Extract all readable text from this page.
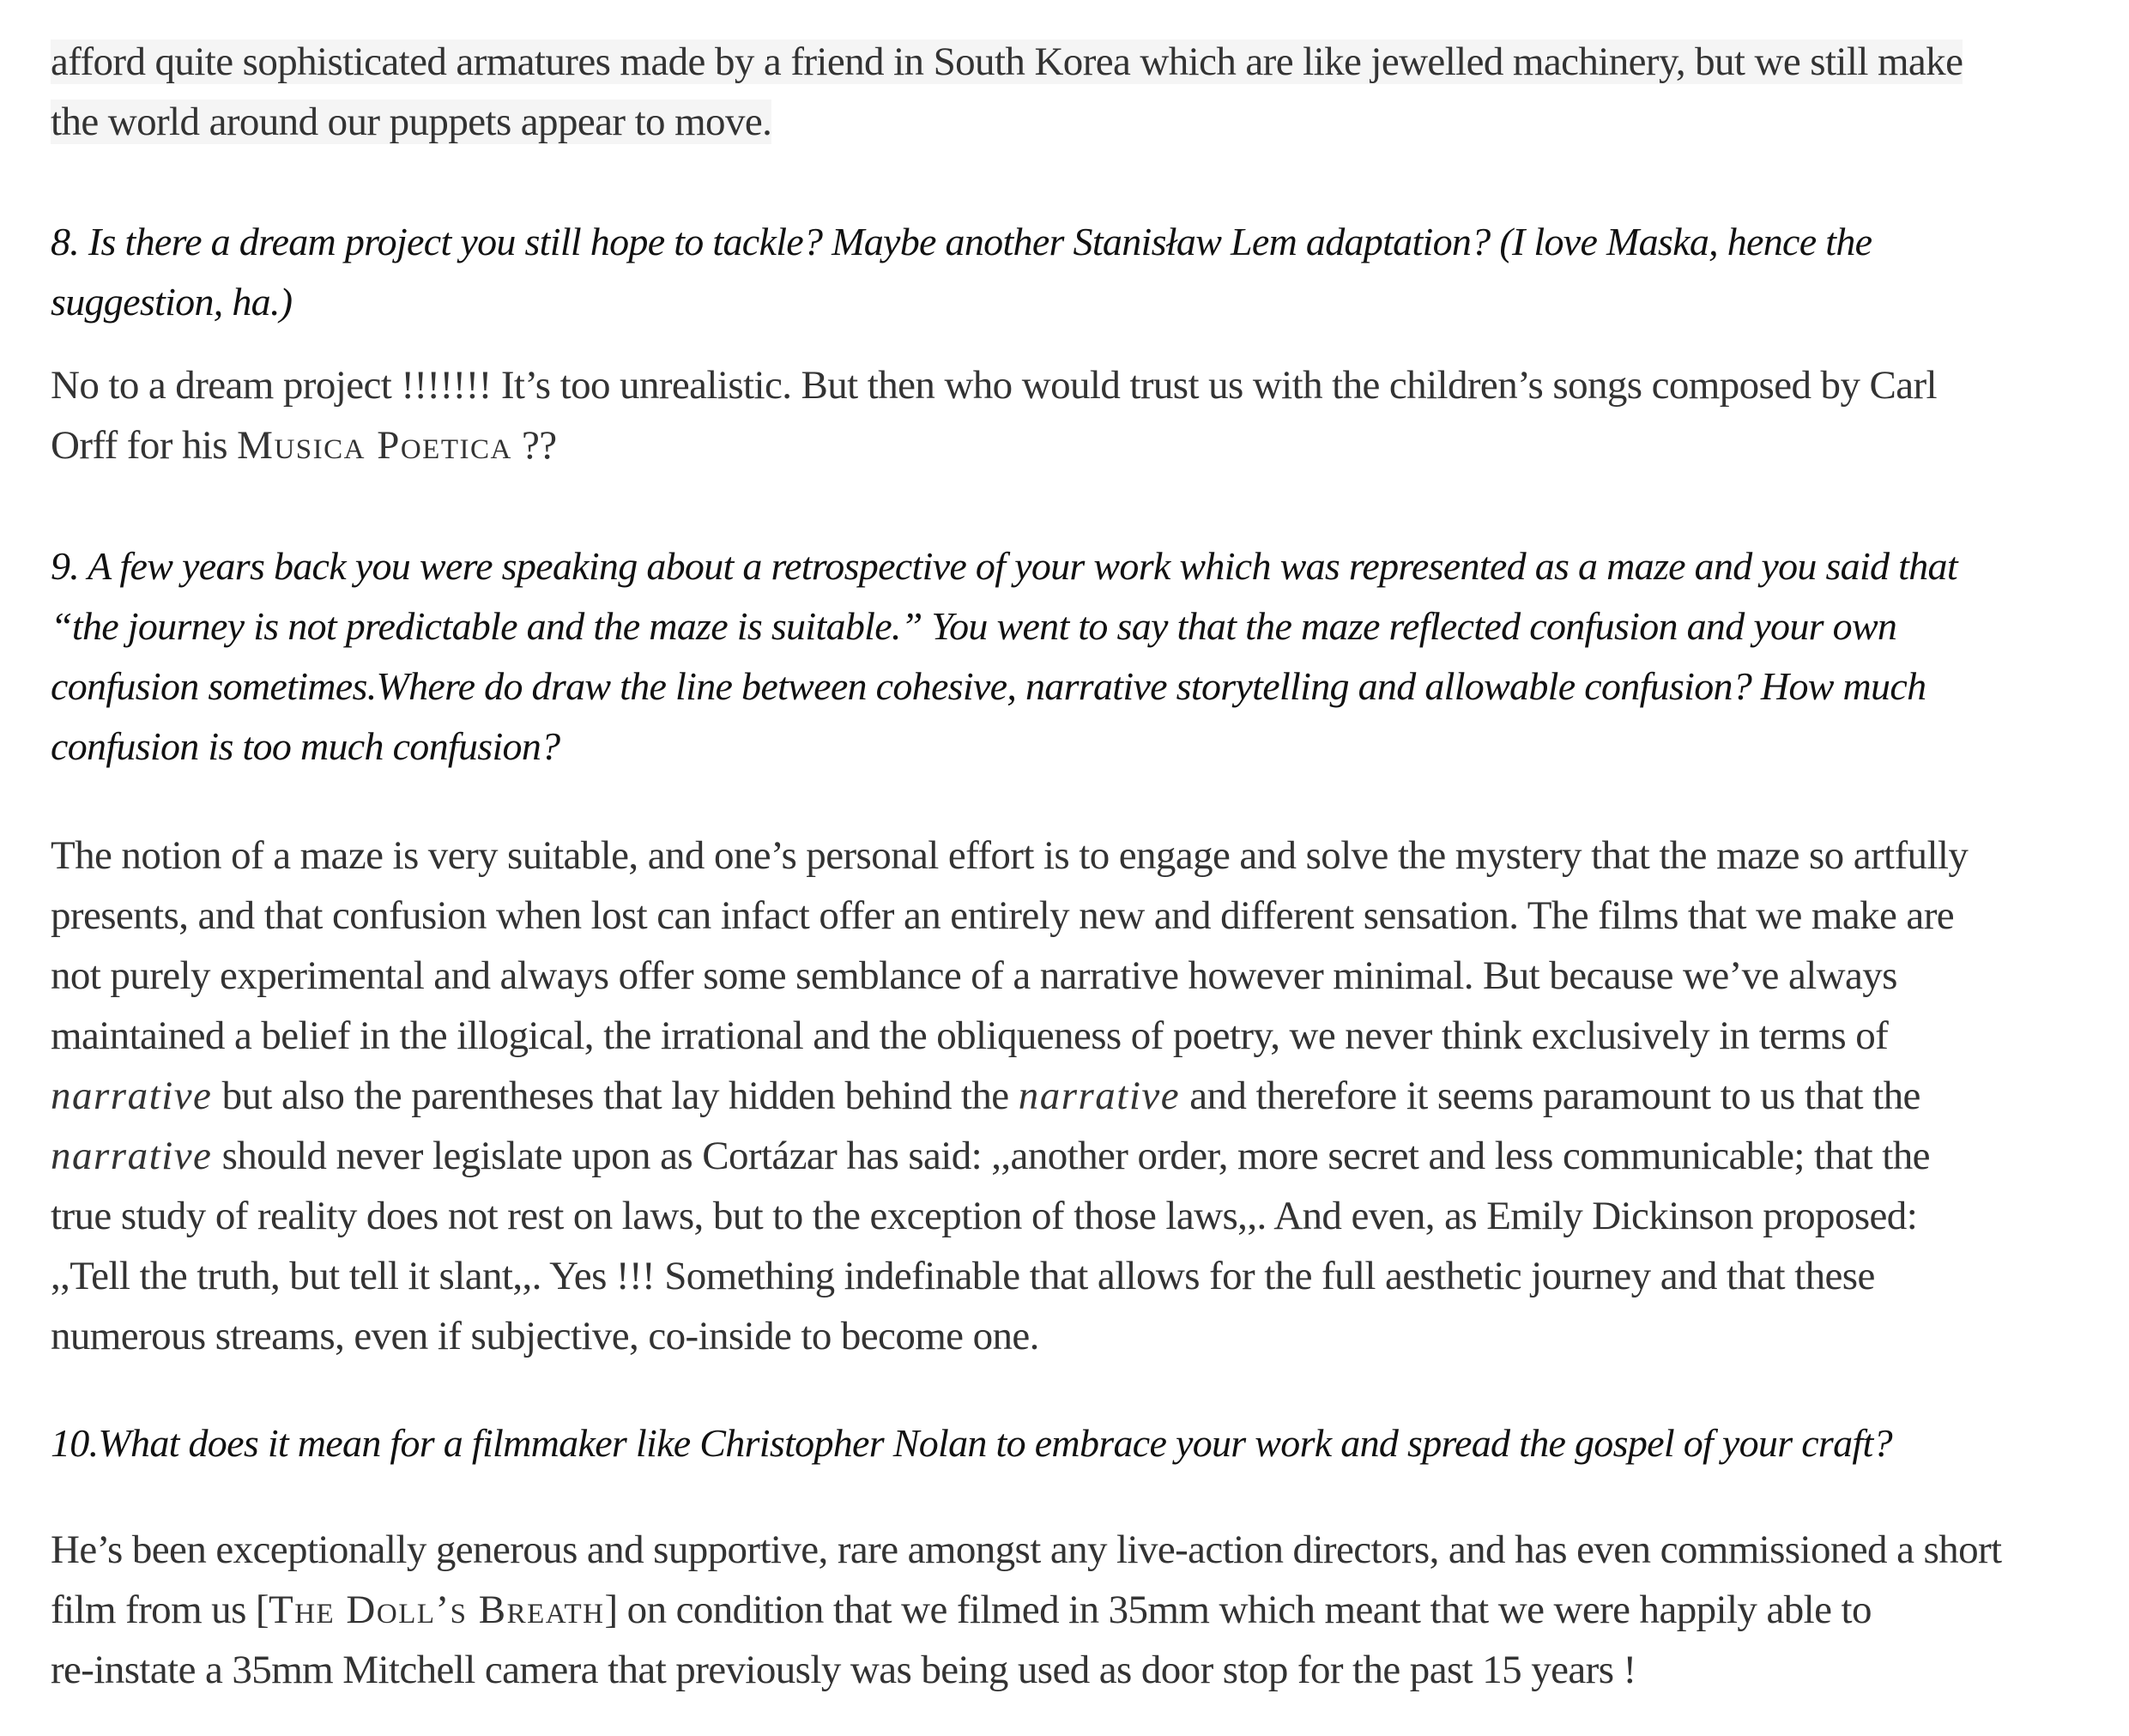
afford quite sophisticated armatures made by a friend in South Korea which are like jewelled machinery, but we still make
the world around our puppets appear to move.
8. Is there a dream project you still hope to tackle? Maybe another Stanisław Lem adaptation? (I love Maska, hence the
suggestion, ha.)
No to a dream project !!!!!!! It’s too unrealistic. But then who would trust us with the children’s songs composed by Carl
Orff for his Musica Poetica ??
9. A few years back you were speaking about a retrospective of your work which was represented as a maze and you said that
“the journey is not predictable and the maze is suitable.” You went to say that the maze reflected confusion and your own
confusion sometimes.Where do draw the line between cohesive, narrative storytelling and allowable confusion? How much
confusion is too much confusion?
The notion of a maze is very suitable, and one’s personal effort is to engage and solve the mystery that the maze so artfully
presents, and that confusion when lost can infact offer an entirely new and different sensation. The films that we make are
not purely experimental and always offer some semblance of a narrative however minimal. But because we’ve always
maintained a belief in the illogical, the irrational and the obliqueness of poetry, we never think exclusively in terms of
narrative but also the parentheses that lay hidden behind the narrative and therefore it seems paramount to us that the
narrative should never legislate upon as Cortázar has said: ,,another order, more secret and less communicable; that the
true study of reality does not rest on laws, but to the exception of those laws,,. And even, as Emily Dickinson proposed:
,,Tell the truth, but tell it slant,,. Yes !!! Something indefinable that allows for the full aesthetic journey and that these
numerous streams, even if subjective, co-inside to become one.
10.What does it mean for a filmmaker like Christopher Nolan to embrace your work and spread the gospel of your craft?
He’s been exceptionally generous and supportive, rare amongst any live-action directors, and has even commissioned a short
film from us [The Doll’s Breath] on condition that we filmed in 35mm which meant that we were happily able to
re-instate a 35mm Mitchell camera that previously was being used as door stop for the past 15 years !
